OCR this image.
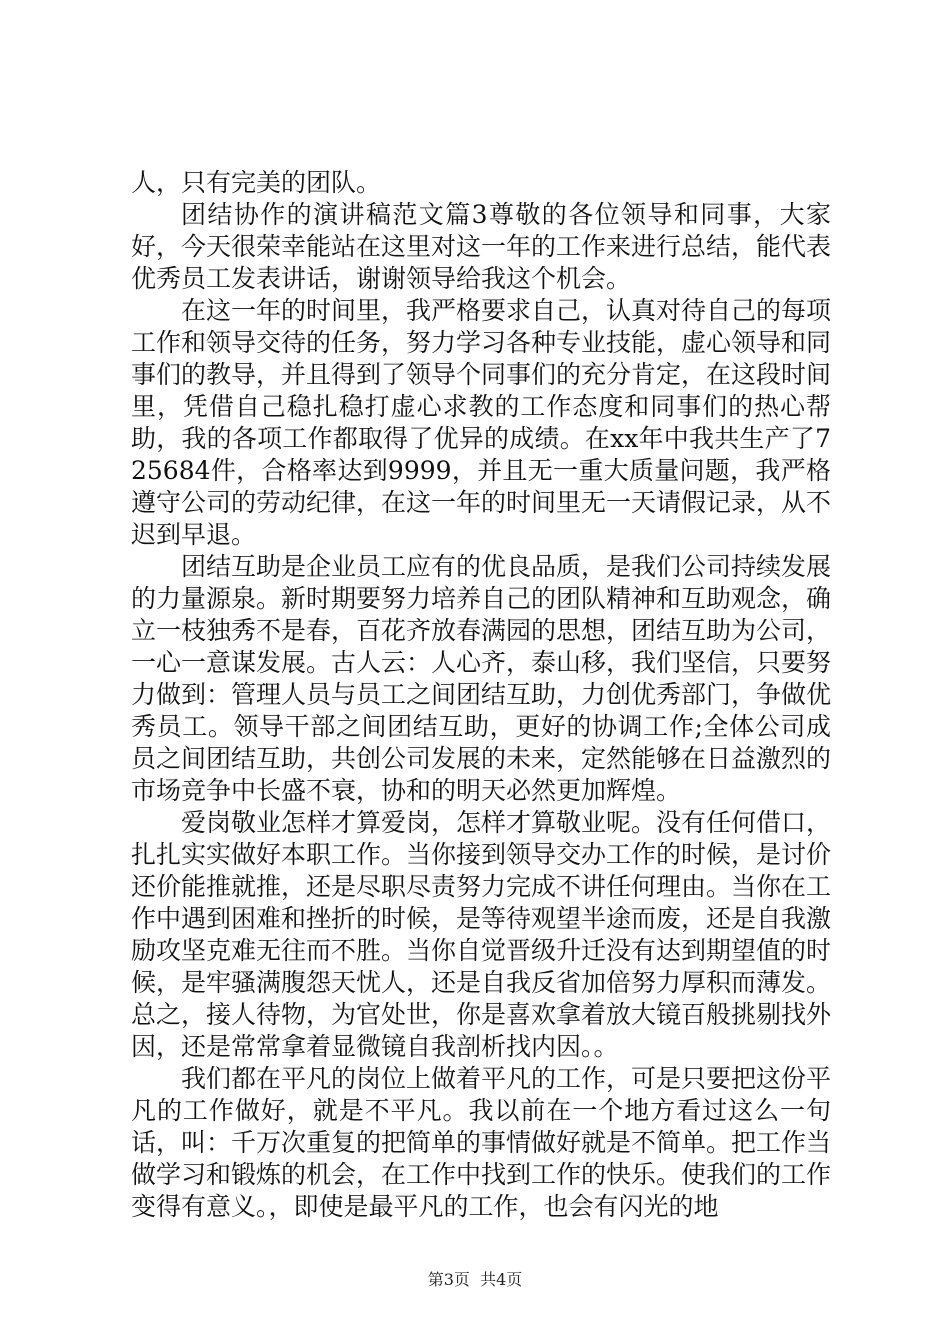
人，只有完美的团队。

团结协作的演讲稿范文篇3尊敬的各位领导和同事，大家好，今天很荣幸能站在这里对这一年的工作来进行总结，能代表优秀员工发表讲话，谢谢领导给我这个机会。

在这一年的时间里，我严格要求自己，认真对待自己的每项工作和领导交待的任务，努力学习各种专业技能，虚心领导和同事们的教导，并且得到了领导个同事们的充分肯定，在这段时间里，凭借自己稳扎稳打虚心求教的工作态度和同事们的热心帮助，我的各项工作都取得了优异的成绩。在xx年中我共生产了725684件，合格率达到9999，并且无一重大质量问题，我严格遵守公司的劳动纪律，在这一年的时间里无一天请假记录，从不迟到早退。

团结互助是企业员工应有的优良品质，是我们公司持续发展的力量源泉。新时期要努力培养自己的团队精神和互助观念，确立一枝独秀不是春，百花齐放春满园的思想，团结互助为公司，一心一意谋发展。古人云：人心齐，泰山移，我们坚信，只要努力做到：管理人员与员工之间团结互助，力创优秀部门，争做优秀员工。领导干部之间团结互助，更好的协调工作;全体公司成员之间团结互助，共创公司发展的未来，定然能够在日益激烈的市场竞争中长盛不衰，协和的明天必然更加辉煌。

爱岗敬业怎样才算爱岗，怎样才算敬业呢。没有任何借口，扎扎实实做好本职工作。当你接到领导交办工作的时候，是讨价还价能推就推，还是尽职尽责努力完成不讲任何理由。当你在工作中遇到困难和挫折的时候，是等待观望半途而废，还是自我激励攻坚克难无往而不胜。当你自觉晋级升迁没有达到期望值的时候，是牢骚满腹怨天忧人，还是自我反省加倍努力厚积而薄发。总之，接人待物，为官处世，你是喜欢拿着放大镜百般挑剔找外因，还是常常拿着显微镜自我剖析找内因。。

我们都在平凡的岗位上做着平凡的工作，可是只要把这份平凡的工作做好，就是不平凡。我以前在一个地方看过这么一句话，叫：千万次重复的把简单的事情做好就是不简单。把工作当做学习和锻炼的机会，在工作中找到工作的快乐。使我们的工作变得有意义。，即使是最平凡的工作，也会有闪光的地

第3页  共4页
